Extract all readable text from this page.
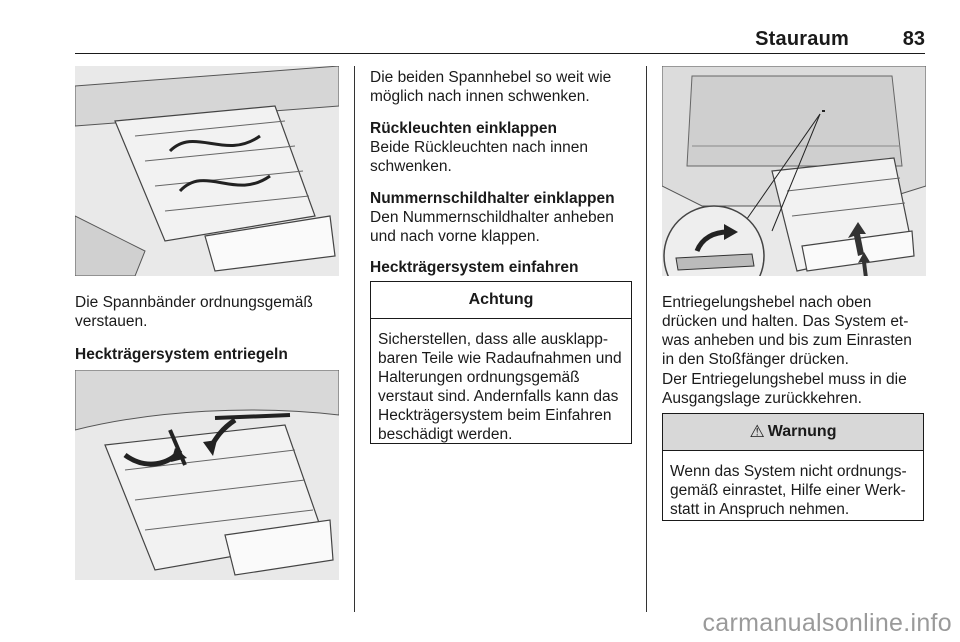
Stauraum	83
Die Spannbänder ordnungsgemäß verstauen.
Heckträgersystem entriegeln
Die beiden Spannhebel so weit wie möglich nach innen schwenken.
Rückleuchten einklappen
Beide Rückleuchten nach innen schwenken.
Nummernschildhalter einklappen
Den Nummernschildhalter anheben und nach vorne klappen.
Heckträgersystem einfahren
Achtung
Sicherstellen, dass alle ausklappbaren Teile wie Radaufnahmen und Halterungen ordnungsgemäß verstaut sind. Andernfalls kann das Heckträgersystem beim Einfahren beschädigt werden.
Entriegelungshebel nach oben drücken und halten. Das System etwas anheben und bis zum Einrasten in den Stoßfänger drücken.
Der Entriegelungshebel muss in die Ausgangslage zurückkehren.
⚠ Warnung
Wenn das System nicht ordnungsgemäß einrastet, Hilfe einer Werkstatt in Anspruch nehmen.
carmanualsonline.info
